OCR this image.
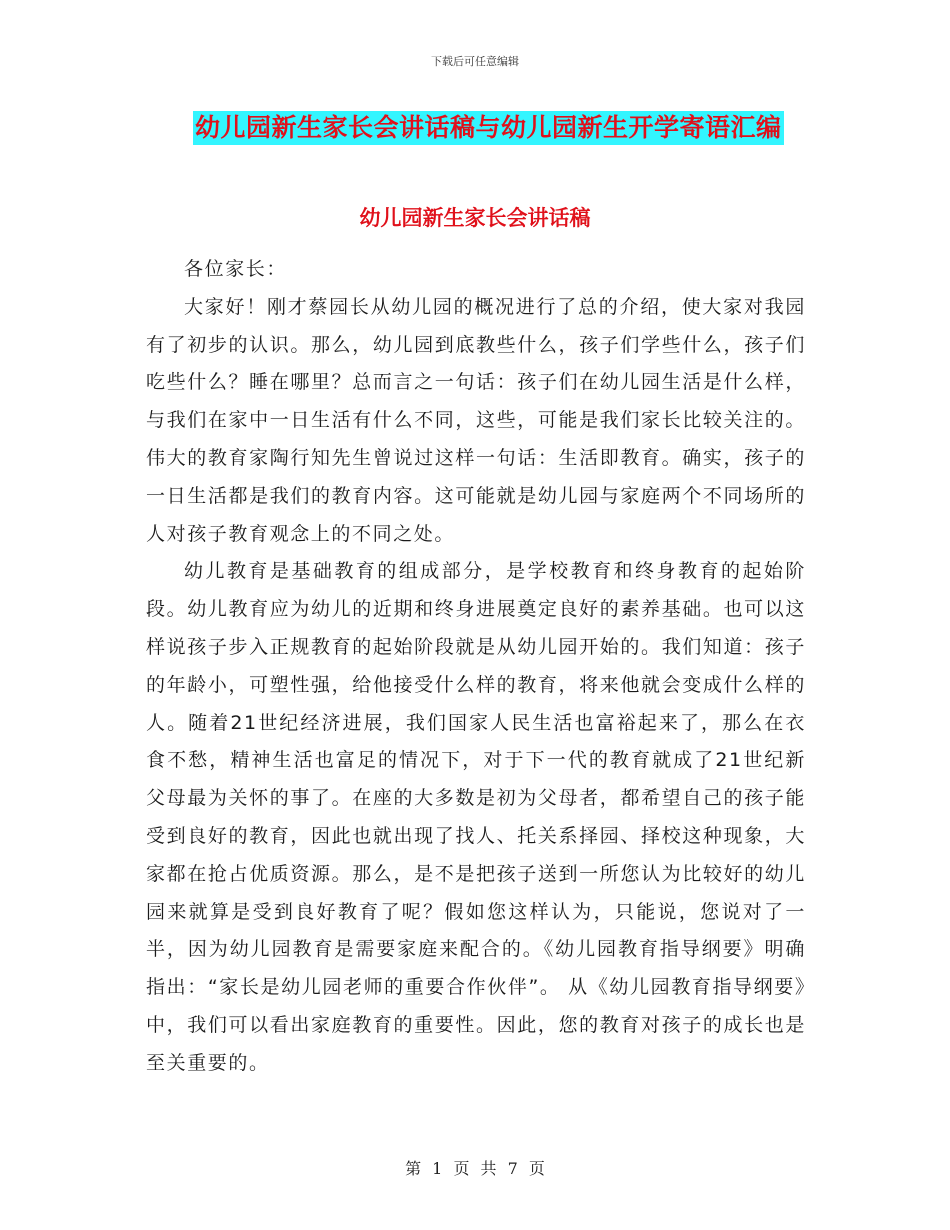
下载后可任意编辑
幼儿园新生家长会讲话稿与幼儿园新生开学寄语汇编
幼儿园新生家长会讲话稿

各位家长：

大家好！刚才蔡园长从幼儿园的概况进行了总的介绍，使大家对我园有了初步的认识。那么，幼儿园到底教些什么，孩子们学些什么，孩子们吃些什么？睡在哪里？总而言之一句话：孩子们在幼儿园生活是什么样，与我们在家中一日生活有什么不同，这些，可能是我们家长比较关注的。伟大的教育家陶行知先生曾说过这样一句话：生活即教育。确实，孩子的一日生活都是我们的教育内容。这可能就是幼儿园与家庭两个不同场所的人对孩子教育观念上的不同之处。

幼儿教育是基础教育的组成部分，是学校教育和终身教育的起始阶段。幼儿教育应为幼儿的近期和终身进展奠定良好的素养基础。也可以这样说孩子步入正规教育的起始阶段就是从幼儿园开始的。我们知道：孩子的年龄小，可塑性强，给他接受什么样的教育，将来他就会变成什么样的人。随着21世纪经济进展，我们国家人民生活也富裕起来了，那么在衣食不愁，精神生活也富足的情况下，对于下一代的教育就成了21世纪新父母最为关怀的事了。在座的大多数是初为父母者，都希望自己的孩子能受到良好的教育，因此也就出现了找人、托关系择园、择校这种现象，大家都在抢占优质资源。那么，是不是把孩子送到一所您认为比较好的幼儿园来就算是受到良好教育了呢？假如您这样认为，只能说，您说对了一半，因为幼儿园教育是需要家庭来配合的。《幼儿园教育指导纲要》明确指出：“家长是幼儿园老师的重要合作伙伴”。 从《幼儿园教育指导纲要》中，我们可以看出家庭教育的重要性。因此，您的教育对孩子的成长也是至关重要的。

第 1 页 共 7 页
